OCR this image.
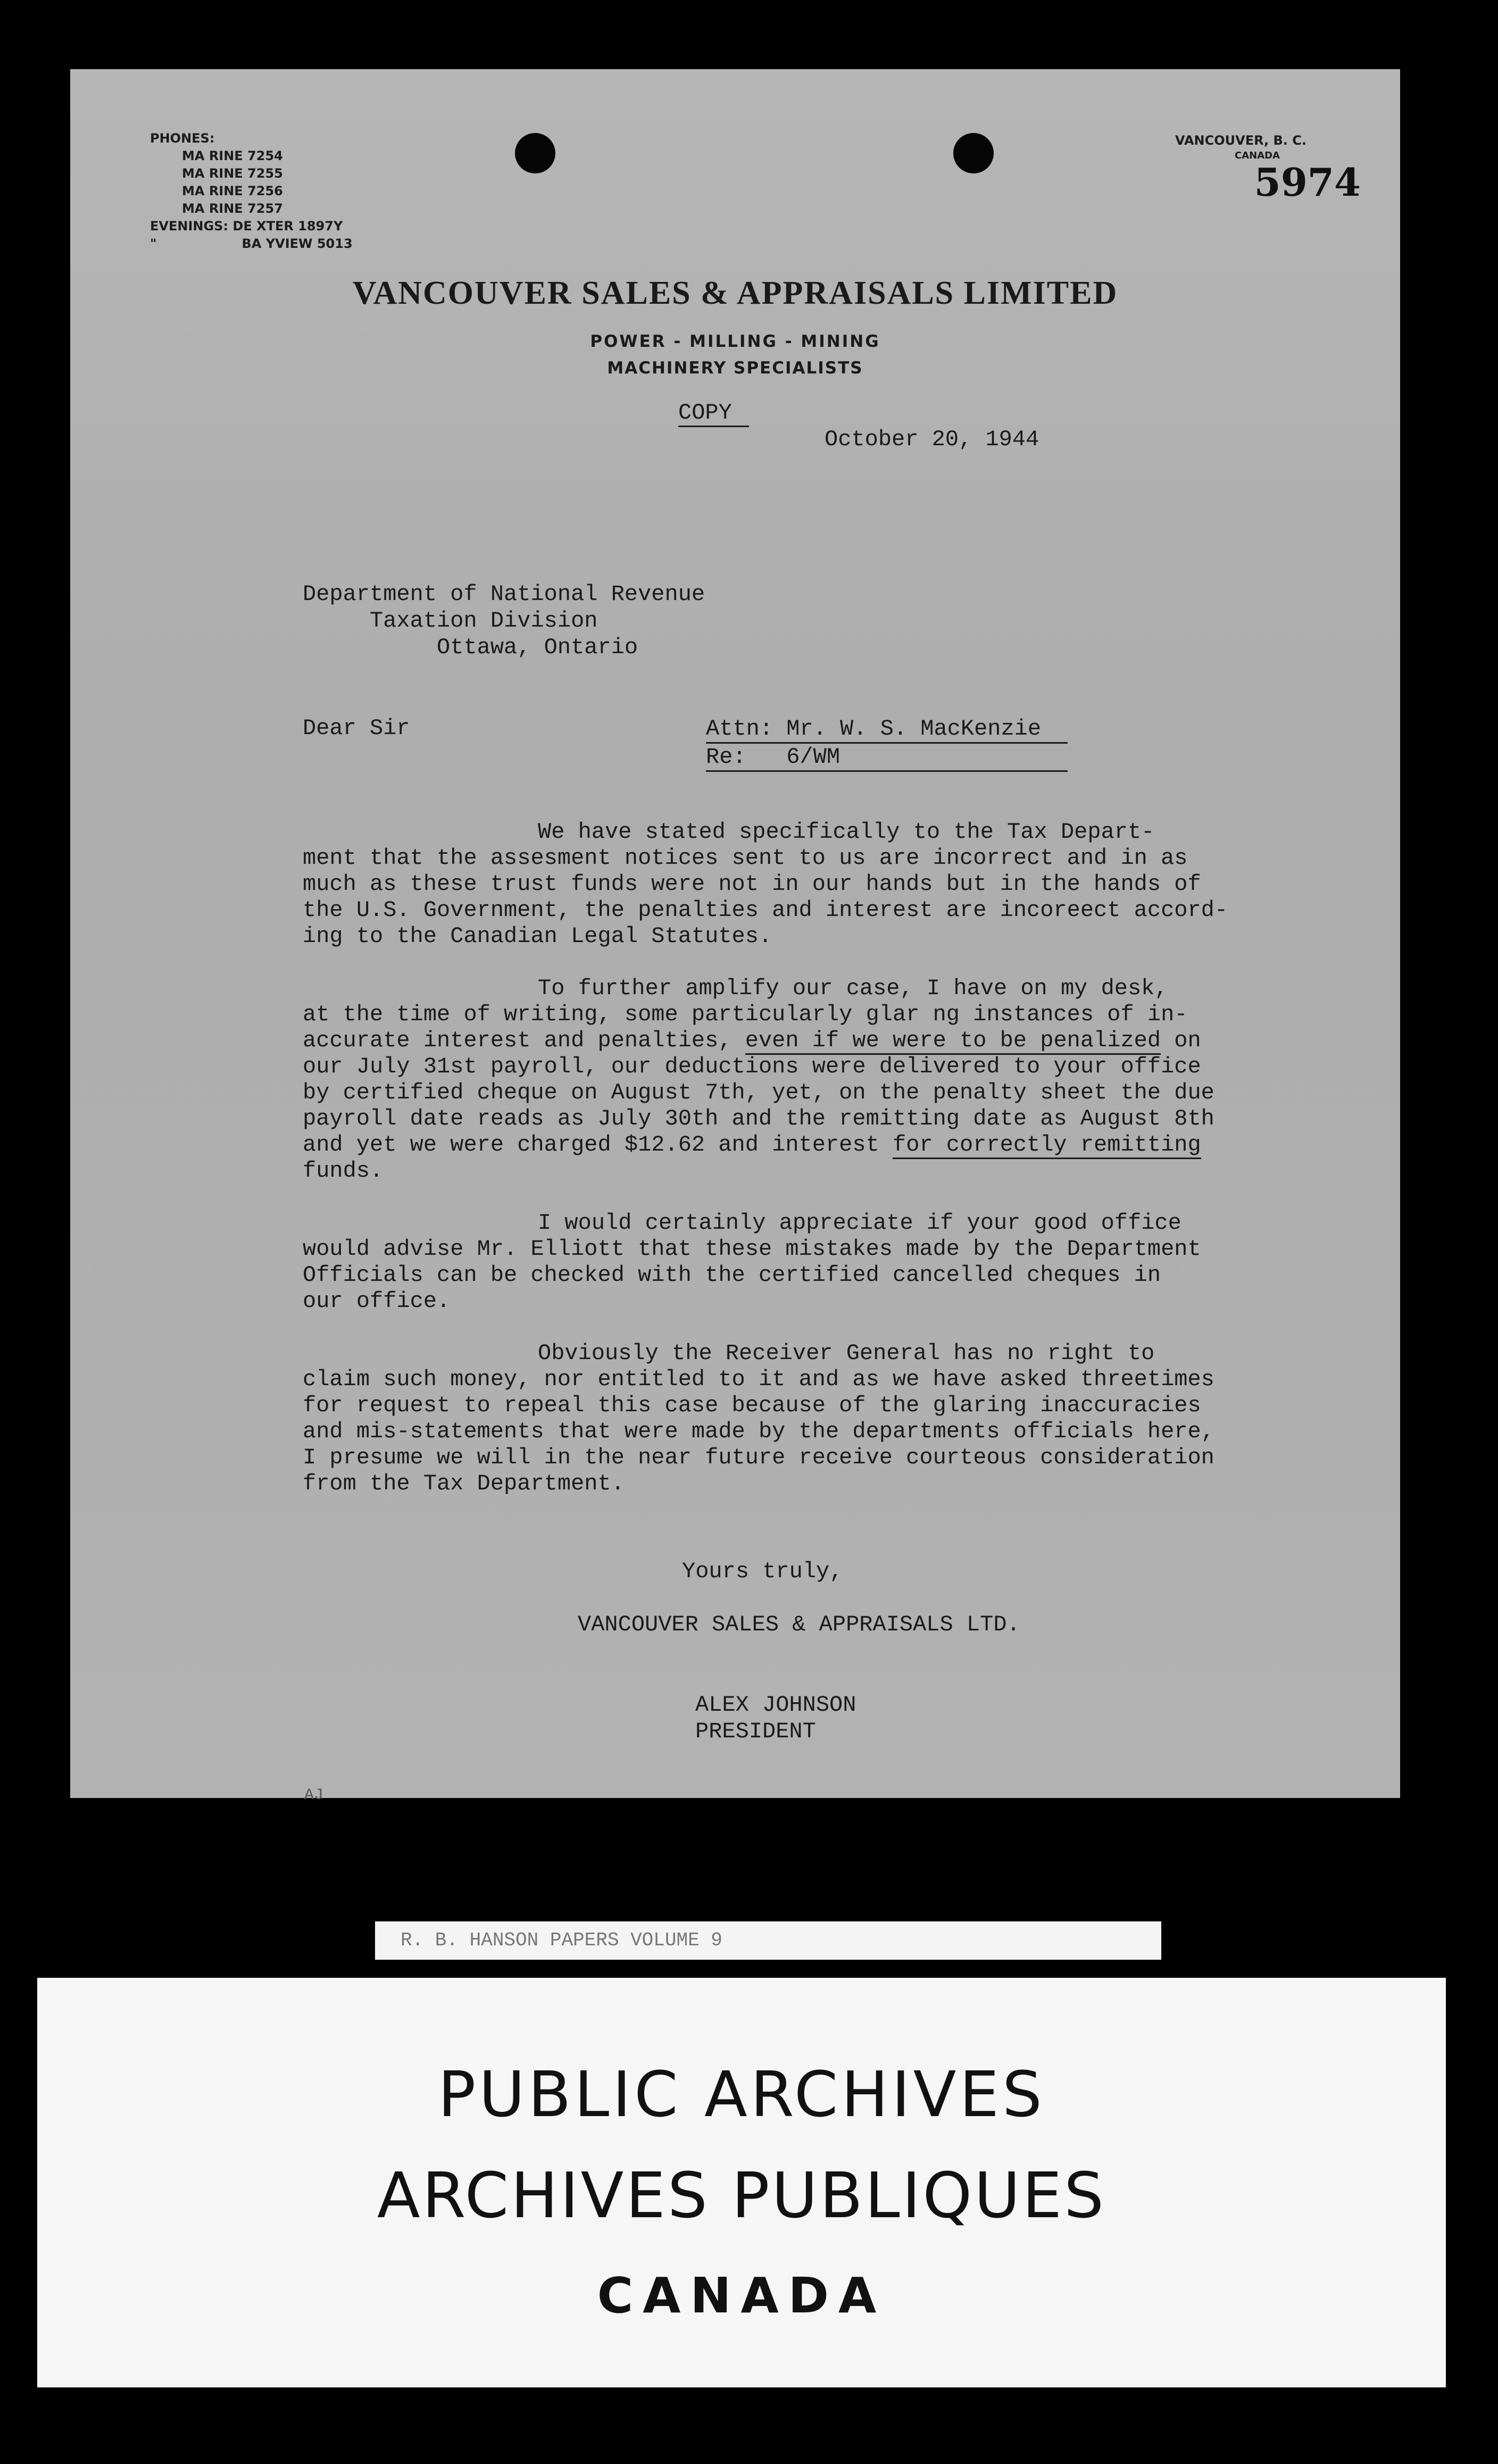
PHONES:
MA RINE 7254
MA RINE 7255
MA RINE 7256
MA RINE 7257
EVENINGS: DE XTER 1897Y
"	BA YVIEW 5013
VANCOUVER, B. C.
CANADA
5974
VANCOUVER SALES & APPRAISALS LIMITED
POWER - MILLING - MINING
MACHINERY SPECIALISTS
COPY
October 20, 1944
Department of National Revenue
Taxation Division
Ottawa, Ontario
Dear Sir	Attn: Mr. W. S. MacKenzie
Re:   6/WM
We have stated specifically to the Tax Depart-
ment that the assesment notices sent to us are incorrect and in as
much as these trust funds were not in our hands but in the hands of
the U.S. Government, the penalties and interest are incoreect accord-
ing to the Canadian Legal Statutes.
To further amplify our case, I have on my desk,
at the time of writing, some particularly glar ng instances of in-
accurate interest and penalties, even if we were to be penalized on
our July 31st payroll, our deductions were delivered to your office
by certified cheque on August 7th, yet, on the penalty sheet the due
payroll date reads as July 30th and the remitting date as August 8th
and yet we were charged $12.62 and interest for correctly remitting
funds.
I would certainly appreciate if your good office
would advise Mr. Elliott that these mistakes made by the Department
Officials can be checked with the certified cancelled cheques in
our office.
Obviously the Receiver General has no right to
claim such money, nor entitled to it and as we have asked threetimes
for request to repeal this case because of the glaring inaccuracies
and mis-statements that were made by the departments officials here,
I presume we will in the near future receive courteous consideration
from the Tax Department.
Yours truly,
VANCOUVER SALES & APPRAISALS LTD.
ALEX JOHNSON
PRESIDENT
AJ
R. B. HANSON PAPERS VOLUME 9
PUBLIC ARCHIVES
ARCHIVES PUBLIQUES
CANADA
